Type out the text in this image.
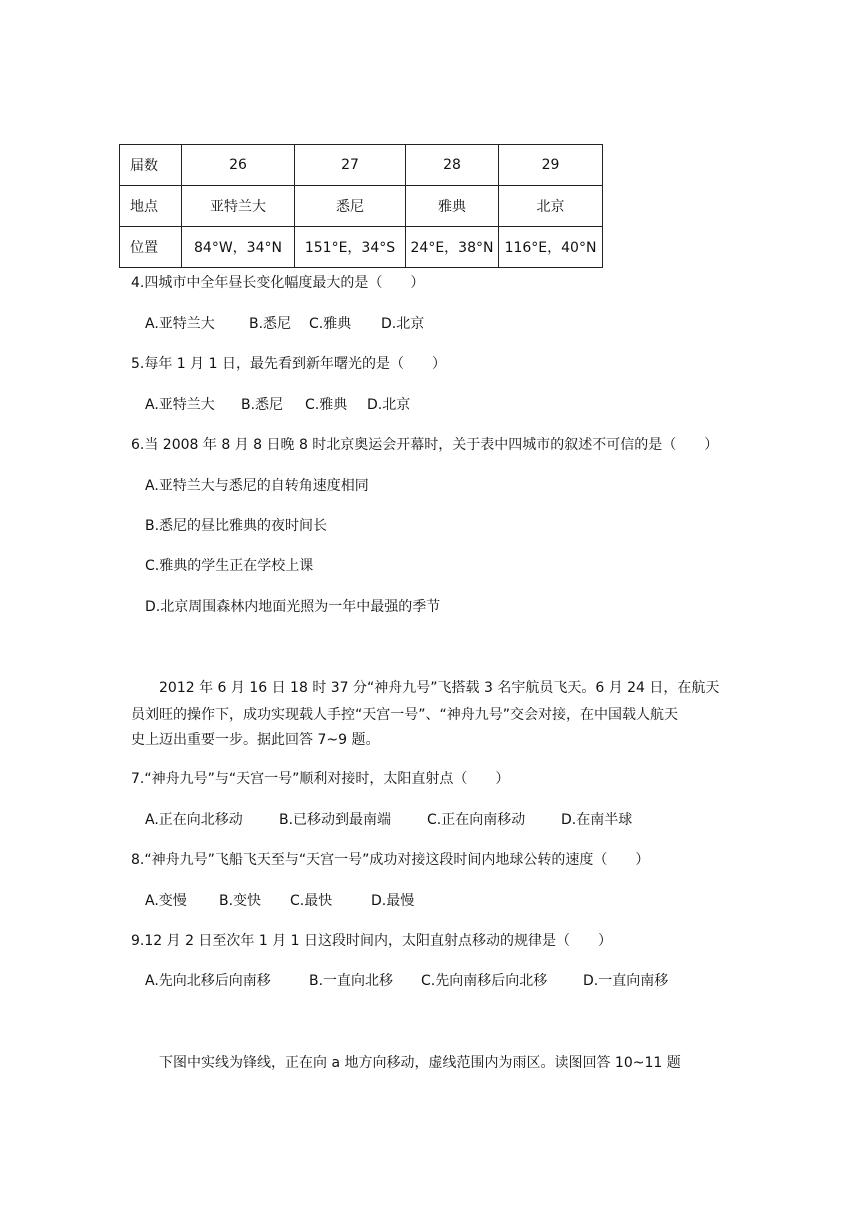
届数	26	27	28	29
地点	亚特兰大	悉尼	雅典	北京
位置	84°W，34°N	151°E，34°S	24°E，38°N	116°E，40°N
4.四城市中全年昼长变化幅度最大的是（　　）
A.亚特兰大 B.悉尼 C.雅典 D.北京
5.每年 1 月 1 日，最先看到新年曙光的是（　　）
A.亚特兰大 B.悉尼 C.雅典 D.北京
6.当 2008 年 8 月 8 日晚 8 时北京奥运会开幕时，关于表中四城市的叙述不可信的是（　　）
A.亚特兰大与悉尼的自转角速度相同
B.悉尼的昼比雅典的夜时间长
C.雅典的学生正在学校上课
D.北京周围森林内地面光照为一年中最强的季节
2012 年 6 月 16 日 18 时 37 分“神舟九号”飞搭载 3 名宇航员飞天。6 月 24 日，在航天
员刘旺的操作下，成功实现载人手控“天宫一号”、“神舟九号”交会对接，在中国载人航天
史上迈出重要一步。据此回答 7~9 题。
7.“神舟九号”与“天宫一号”顺利对接时，太阳直射点（　　）
A.正在向北移动	B.已移动到最南端	C.正在向南移动	D.在南半球
8.“神舟九号”飞船飞天至与“天宫一号”成功对接这段时间内地球公转的速度（　　）
A.变慢 B.变快 C.最快	D.最慢
9.12 月 2 日至次年 1 月 1 日这段时间内，太阳直射点移动的规律是（　　）
A.先向北移后向南移	B.一直向北移 C.先向南移后向北移	D.一直向南移
下图中实线为锋线，正在向 a 地方向移动，虚线范围内为雨区。读图回答 10~11 题
